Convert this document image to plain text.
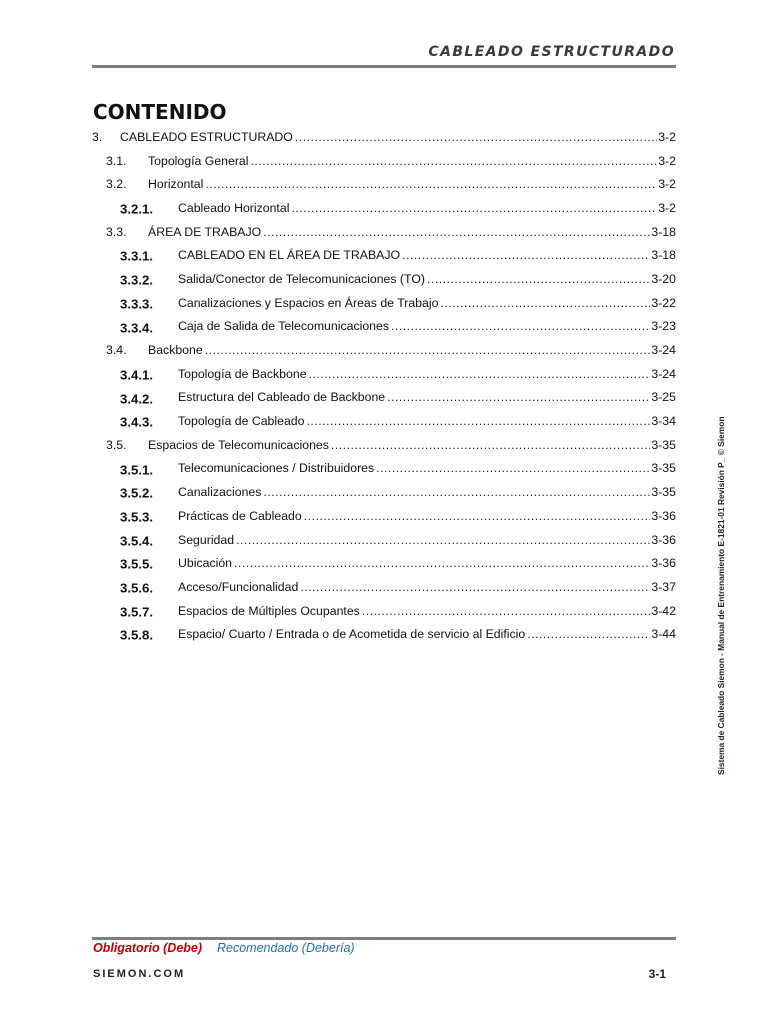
CABLEADO ESTRUCTURADO
CONTENIDO
3. CABLEADO ESTRUCTURADO .....	3-2
3.1. Topología General .....	3-2
3.2. Horizontal .....	3-2
3.2.1. Cableado Horizontal .....	3-2
3.3. ÁREA DE TRABAJO .....	3-18
3.3.1. CABLEADO EN EL ÁREA DE TRABAJO .....	3-18
3.3.2. Salida/Conector de Telecomunicaciones (TO) .....	3-20
3.3.3. Canalizaciones y Espacios en Áreas de Trabajo .....	3-22
3.3.4. Caja de Salida de Telecomunicaciones .....	3-23
3.4. Backbone .....	3-24
3.4.1. Topología de Backbone .....	3-24
3.4.2. Estructura del Cableado de Backbone .....	3-25
3.4.3. Topología de Cableado .....	3-34
3.5. Espacios de Telecomunicaciones .....	3-35
3.5.1. Telecomunicaciones / Distribuidores .....	3-35
3.5.2. Canalizaciones .....	3-35
3.5.3. Prácticas de Cableado .....	3-36
3.5.4. Seguridad .....	3-36
3.5.5. Ubicación .....	3-36
3.5.6. Acceso/Funcionalidad .....	3-37
3.5.7. Espacios de Múltiples Ocupantes .....	3-42
3.5.8. Espacio/ Cuarto / Entrada o de Acometida de servicio al Edificio .....	3-44	Sistema de Cableado Siemon - Manual de Entrenamiento E-1821-01 Revisión P_ © Siemon · · · ·
Obligatorio (Debe) Recomendado (Debería)
SIEMON.COM	3-1
